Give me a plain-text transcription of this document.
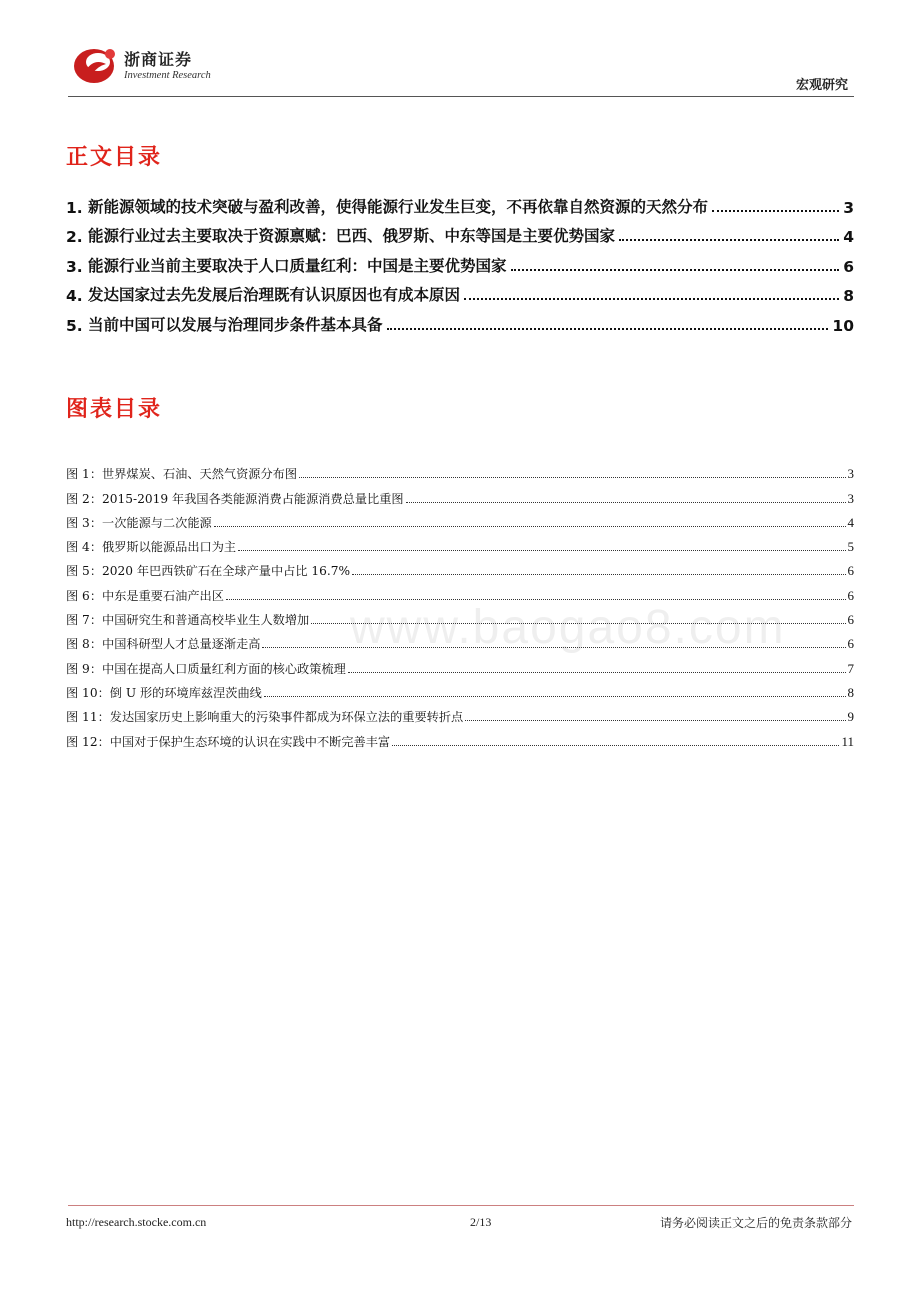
浙商证券
Investment Research
宏观研究
正文目录
1. 新能源领域的技术突破与盈利改善，使得能源行业发生巨变，不再依靠自然资源的天然分布	3
2. 能源行业过去主要取决于资源禀赋：巴西、俄罗斯、中东等国是主要优势国家	4
3. 能源行业当前主要取决于人口质量红利：中国是主要优势国家	6
4. 发达国家过去先发展后治理既有认识原因也有成本原因	8
5. 当前中国可以发展与治理同步条件基本具备	10
图表目录
图 1： 世界煤炭、石油、天然气资源分布图	3
图 2： 2015-2019 年我国各类能源消费占能源消费总量比重图	3
图 3： 一次能源与二次能源	4
图 4： 俄罗斯以能源品出口为主	5
图 5： 2020 年巴西铁矿石在全球产量中占比 16.7%	6
图 6： 中东是重要石油产出区	6
图 7： 中国研究生和普通高校毕业生人数增加	6
图 8： 中国科研型人才总量逐渐走高	6
图 9： 中国在提高人口质量红利方面的核心政策梳理	7
图 10： 倒 U 形的环境库兹涅茨曲线	8
图 11： 发达国家历史上影响重大的污染事件都成为环保立法的重要转折点	9
图 12： 中国对于保护生态环境的认识在实践中不断完善丰富	11
www.baogao8.com
http://research.stocke.com.cn	2/13	请务必阅读正文之后的免责条款部分
